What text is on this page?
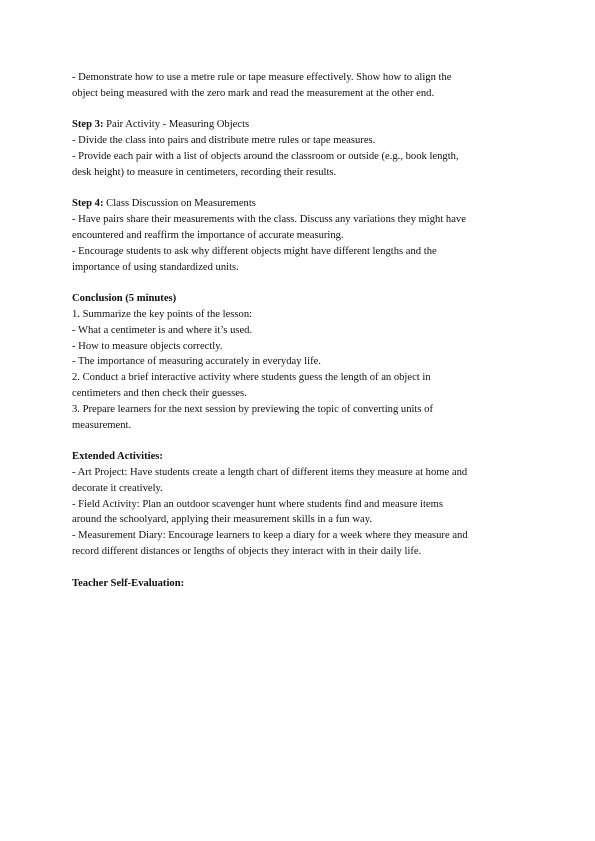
- Demonstrate how to use a metre rule or tape measure effectively. Show how to align the
object being measured with the zero mark and read the measurement at the other end.
Step 3: Pair Activity - Measuring Objects
- Divide the class into pairs and distribute metre rules or tape measures.
- Provide each pair with a list of objects around the classroom or outside (e.g., book length,
desk height) to measure in centimeters, recording their results.
Step 4: Class Discussion on Measurements
- Have pairs share their measurements with the class. Discuss any variations they might have
encountered and reaffirm the importance of accurate measuring.
- Encourage students to ask why different objects might have different lengths and the
importance of using standardized units.
Conclusion (5 minutes)
1. Summarize the key points of the lesson:
- What a centimeter is and where it’s used.
- How to measure objects correctly.
- The importance of measuring accurately in everyday life.
2. Conduct a brief interactive activity where students guess the length of an object in
centimeters and then check their guesses.
3. Prepare learners for the next session by previewing the topic of converting units of
measurement.
Extended Activities:
- Art Project: Have students create a length chart of different items they measure at home and
decorate it creatively.
- Field Activity: Plan an outdoor scavenger hunt where students find and measure items
around the schoolyard, applying their measurement skills in a fun way.
- Measurement Diary: Encourage learners to keep a diary for a week where they measure and
record different distances or lengths of objects they interact with in their daily life.
Teacher Self-Evaluation:
